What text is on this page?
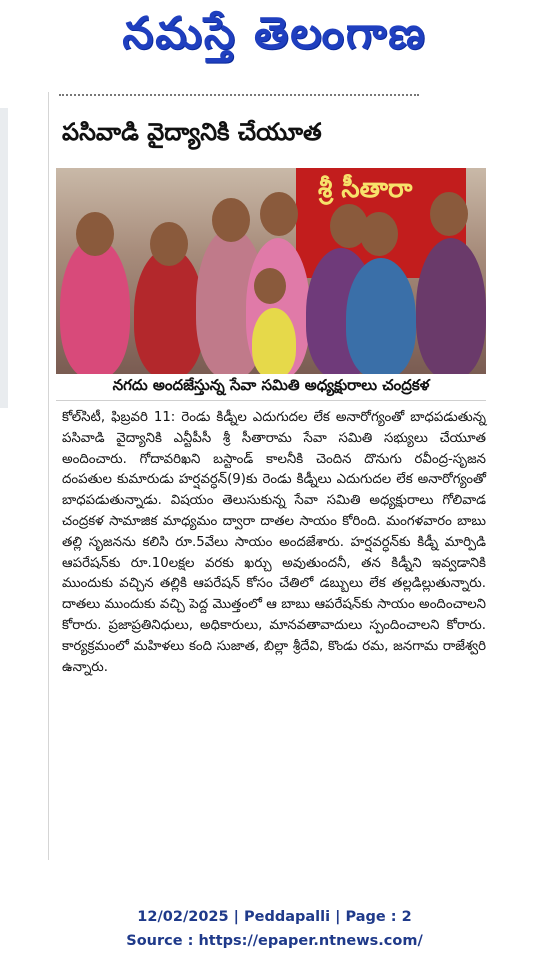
నమస్తే తెలంగాణ
పసివాడి వైద్యానికి చేయూత
శ్రీ సీతారా
నగదు అందజేస్తున్న సేవా సమితి అధ్యక్షురాలు చంద్రకళ
కోల్‌సిటీ, ఫిబ్రవరి 11: రెండు కిడ్నీల ఎదుగుదల లేక అనారోగ్యంతో బాధపడుతున్న పసివాడి వైద్యానికి ఎన్టీపీసీ శ్రీ సీతారామ సేవా సమితి సభ్యులు చేయూత అందించారు. గోదావరిఖని బస్టాండ్ కాలనీకి చెందిన దొనుగు రవీంద్ర-సృజన దంపతుల కుమారుడు హర్షవర్ధన్(9)కు రెండు కిడ్నీలు ఎదుగుదల లేక అనారోగ్యంతో బాధపడుతున్నాడు. విషయం తెలుసుకున్న సేవా సమితి అధ్యక్షురాలు గోలివాడ చంద్రకళ సామాజిక మాధ్యమం ద్వారా దాతల సాయం కోరింది. మంగళవారం బాబు తల్లి సృజనను కలిసి రూ.5వేలు సాయం అందజేశారు. హర్షవర్ధన్‌కు కిడ్నీ మార్పిడి ఆపరేషన్‌కు రూ.10లక్షల వరకు ఖర్చు అవుతుందనీ, తన కిడ్నీని ఇవ్వడానికి ముందుకు వచ్చిన తల్లికి ఆపరేషన్ కోసం చేతిలో డబ్బులు లేక తల్లడిల్లుతున్నారు. దాతలు ముందుకు వచ్చి పెద్ద మొత్తంలో ఆ బాబు ఆపరేషన్‌కు సాయం అందించాలని కోరారు. ప్రజాప్రతినిధులు, అధికారులు, మానవతావాదులు స్పందించాలని కోరారు. కార్యక్రమంలో మహిళలు కంది సుజాత, బిల్లా శ్రీదేవి, కొండు రమ, జనగామ రాజేశ్వరి ఉన్నారు.
12/02/2025 | Peddapalli | Page : 2
Source : https://epaper.ntnews.com/
